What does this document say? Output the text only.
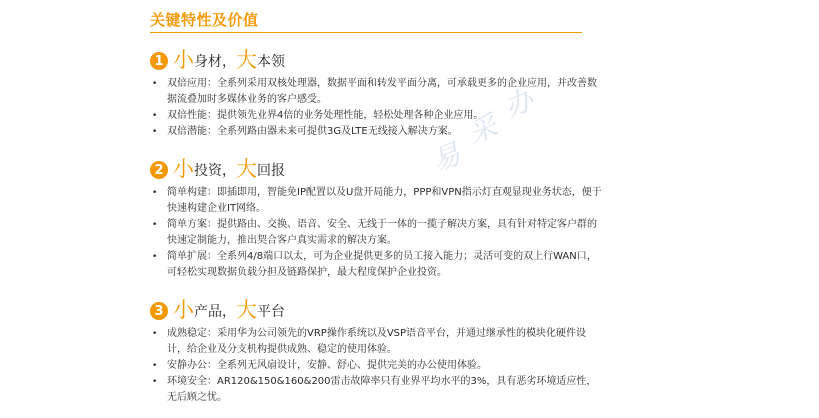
关键特性及价值
易
采
办
1 小 身材， 大 本领
• 双倍应用：全系列采用双核处理器，数据平面和转发平面分离，可承载更多的企业应用，并改善数据流叠加时多媒体业务的客户感受。
• 双倍性能：提供领先业界4倍的业务处理性能，轻松处理各种企业应用。
• 双倍潜能：全系列路由器未来可提供3G及LTE无线接入解决方案。
2 小 投资， 大 回报
• 简单构建：即插即用，智能免IP配置以及U盘开局能力，PPP和VPN指示灯直观显现业务状态，便于快速构建企业IT网络。
• 简单方案：提供路由、交换、语音、安全、无线于一体的一揽子解决方案，具有针对特定客户群的快速定制能力，推出契合客户真实需求的解决方案。
• 简单扩展：全系列4/8端口以太，可为企业提供更多的员工接入能力；灵活可变的双上行WAN口，可轻松实现数据负载分担及链路保护，最大程度保护企业投资。
3 小 产品， 大 平台
• 成熟稳定：采用华为公司领先的VRP操作系统以及VSP语音平台，并通过继承性的模块化硬件设计，给企业及分支机构提供成熟、稳定的使用体验。
• 安静办公：全系列无风扇设计，安静、舒心、提供完美的办公使用体验。
• 环境安全：AR120&150&160&200雷击故障率只有业界平均水平的3%，具有恶劣环境适应性，无后顾之忧。
